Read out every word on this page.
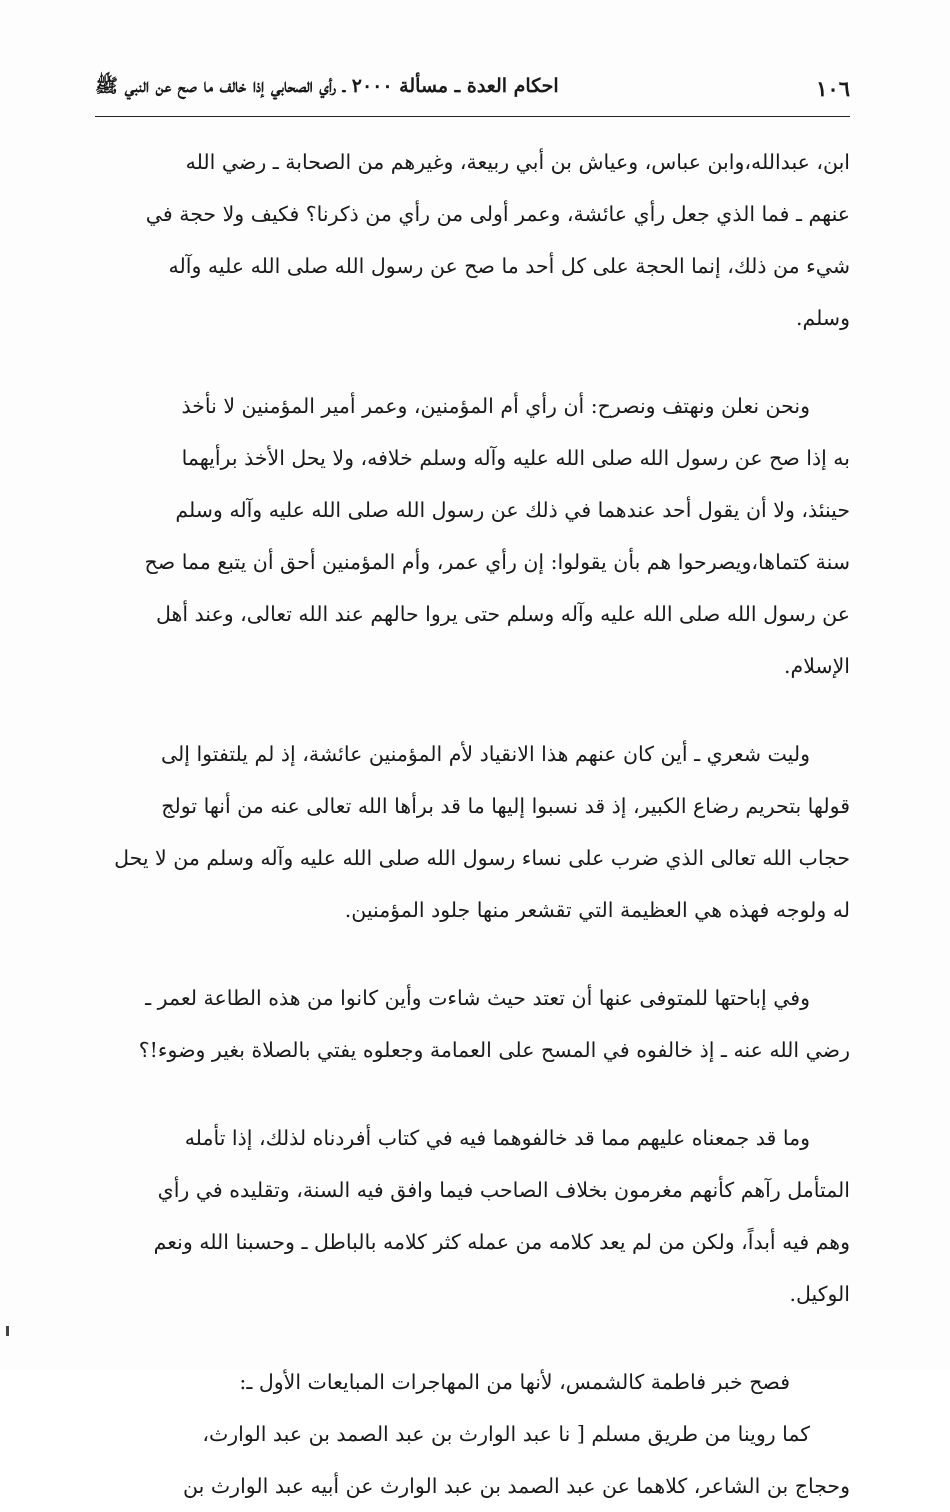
١٠٦
احكام العدة ـ مسألة ٢٠٠٠ ـ رأي الصحابي إذا خالف ما صح عن النبي ﷺ

ابن، عبدالله،وابن عباس، وعياش بن أبي ربيعة، وغيرهم من الصحابة ـ رضي الله
عنهم ـ فما الذي جعل رأي عائشة، وعمر أولى من رأي من ذكرنا؟ فكيف ولا حجة في
شيء من ذلك، إنما الحجة على كل أحد ما صح عن رسول الله صلى الله عليه وآله
وسلم.

ونحن نعلن ونهتف ونصرح: أن رأي أم المؤمنين، وعمر أمير المؤمنين لا نأخذ
به إذا صح عن رسول الله صلى الله عليه وآله وسلم خلافه، ولا يحل الأخذ برأيهما
حينئذ، ولا أن يقول أحد عندهما في ذلك عن رسول الله صلى الله عليه وآله وسلم
سنة كتماها،ويصرحوا هم بأن يقولوا: إن رأي عمر، وأم المؤمنين أحق أن يتبع مما صح
عن رسول الله صلى الله عليه وآله وسلم حتى يروا حالهم عند الله تعالى، وعند أهل
الإسلام.

وليت شعري ـ أين كان عنهم هذا الانقياد لأم المؤمنين عائشة، إذ لم يلتفتوا إلى
قولها بتحريم رضاع الكبير، إذ قد نسبوا إليها ما قد برأها الله تعالى عنه من أنها تولج
حجاب الله تعالى الذي ضرب على نساء رسول الله صلى الله عليه وآله وسلم من لا يحل
له ولوجه فهذه هي العظيمة التي تقشعر منها جلود المؤمنين.

وفي إباحتها للمتوفى عنها أن تعتد حيث شاءت وأين كانوا من هذه الطاعة لعمر ـ
رضي الله عنه ـ إذ خالفوه في المسح على العمامة وجعلوه يفتي بالصلاة بغير وضوء!؟

وما قد جمعناه عليهم مما قد خالفوهما فيه في كتاب أفردناه لذلك، إذا تأمله
المتأمل رآهم كأنهم مغرمون بخلاف الصاحب فيما وافق فيه السنة، وتقليده في رأي
وهم فيه أبداً، ولكن من لم يعد كلامه من عمله كثر كلامه بالباطل ـ وحسبنا الله ونعم
الوكيل.

فصح خبر فاطمة كالشمس، لأنها من المهاجرات المبايعات الأول ـ:
كما روينا من طريق مسلم [ نا عبد الوارث بن عبد الصمد بن عبد الوارث،
وحجاج بن الشاعر، كلاهما عن عبد الصمد بن عبد الوارث عن أبيه عبد الوارث بن
